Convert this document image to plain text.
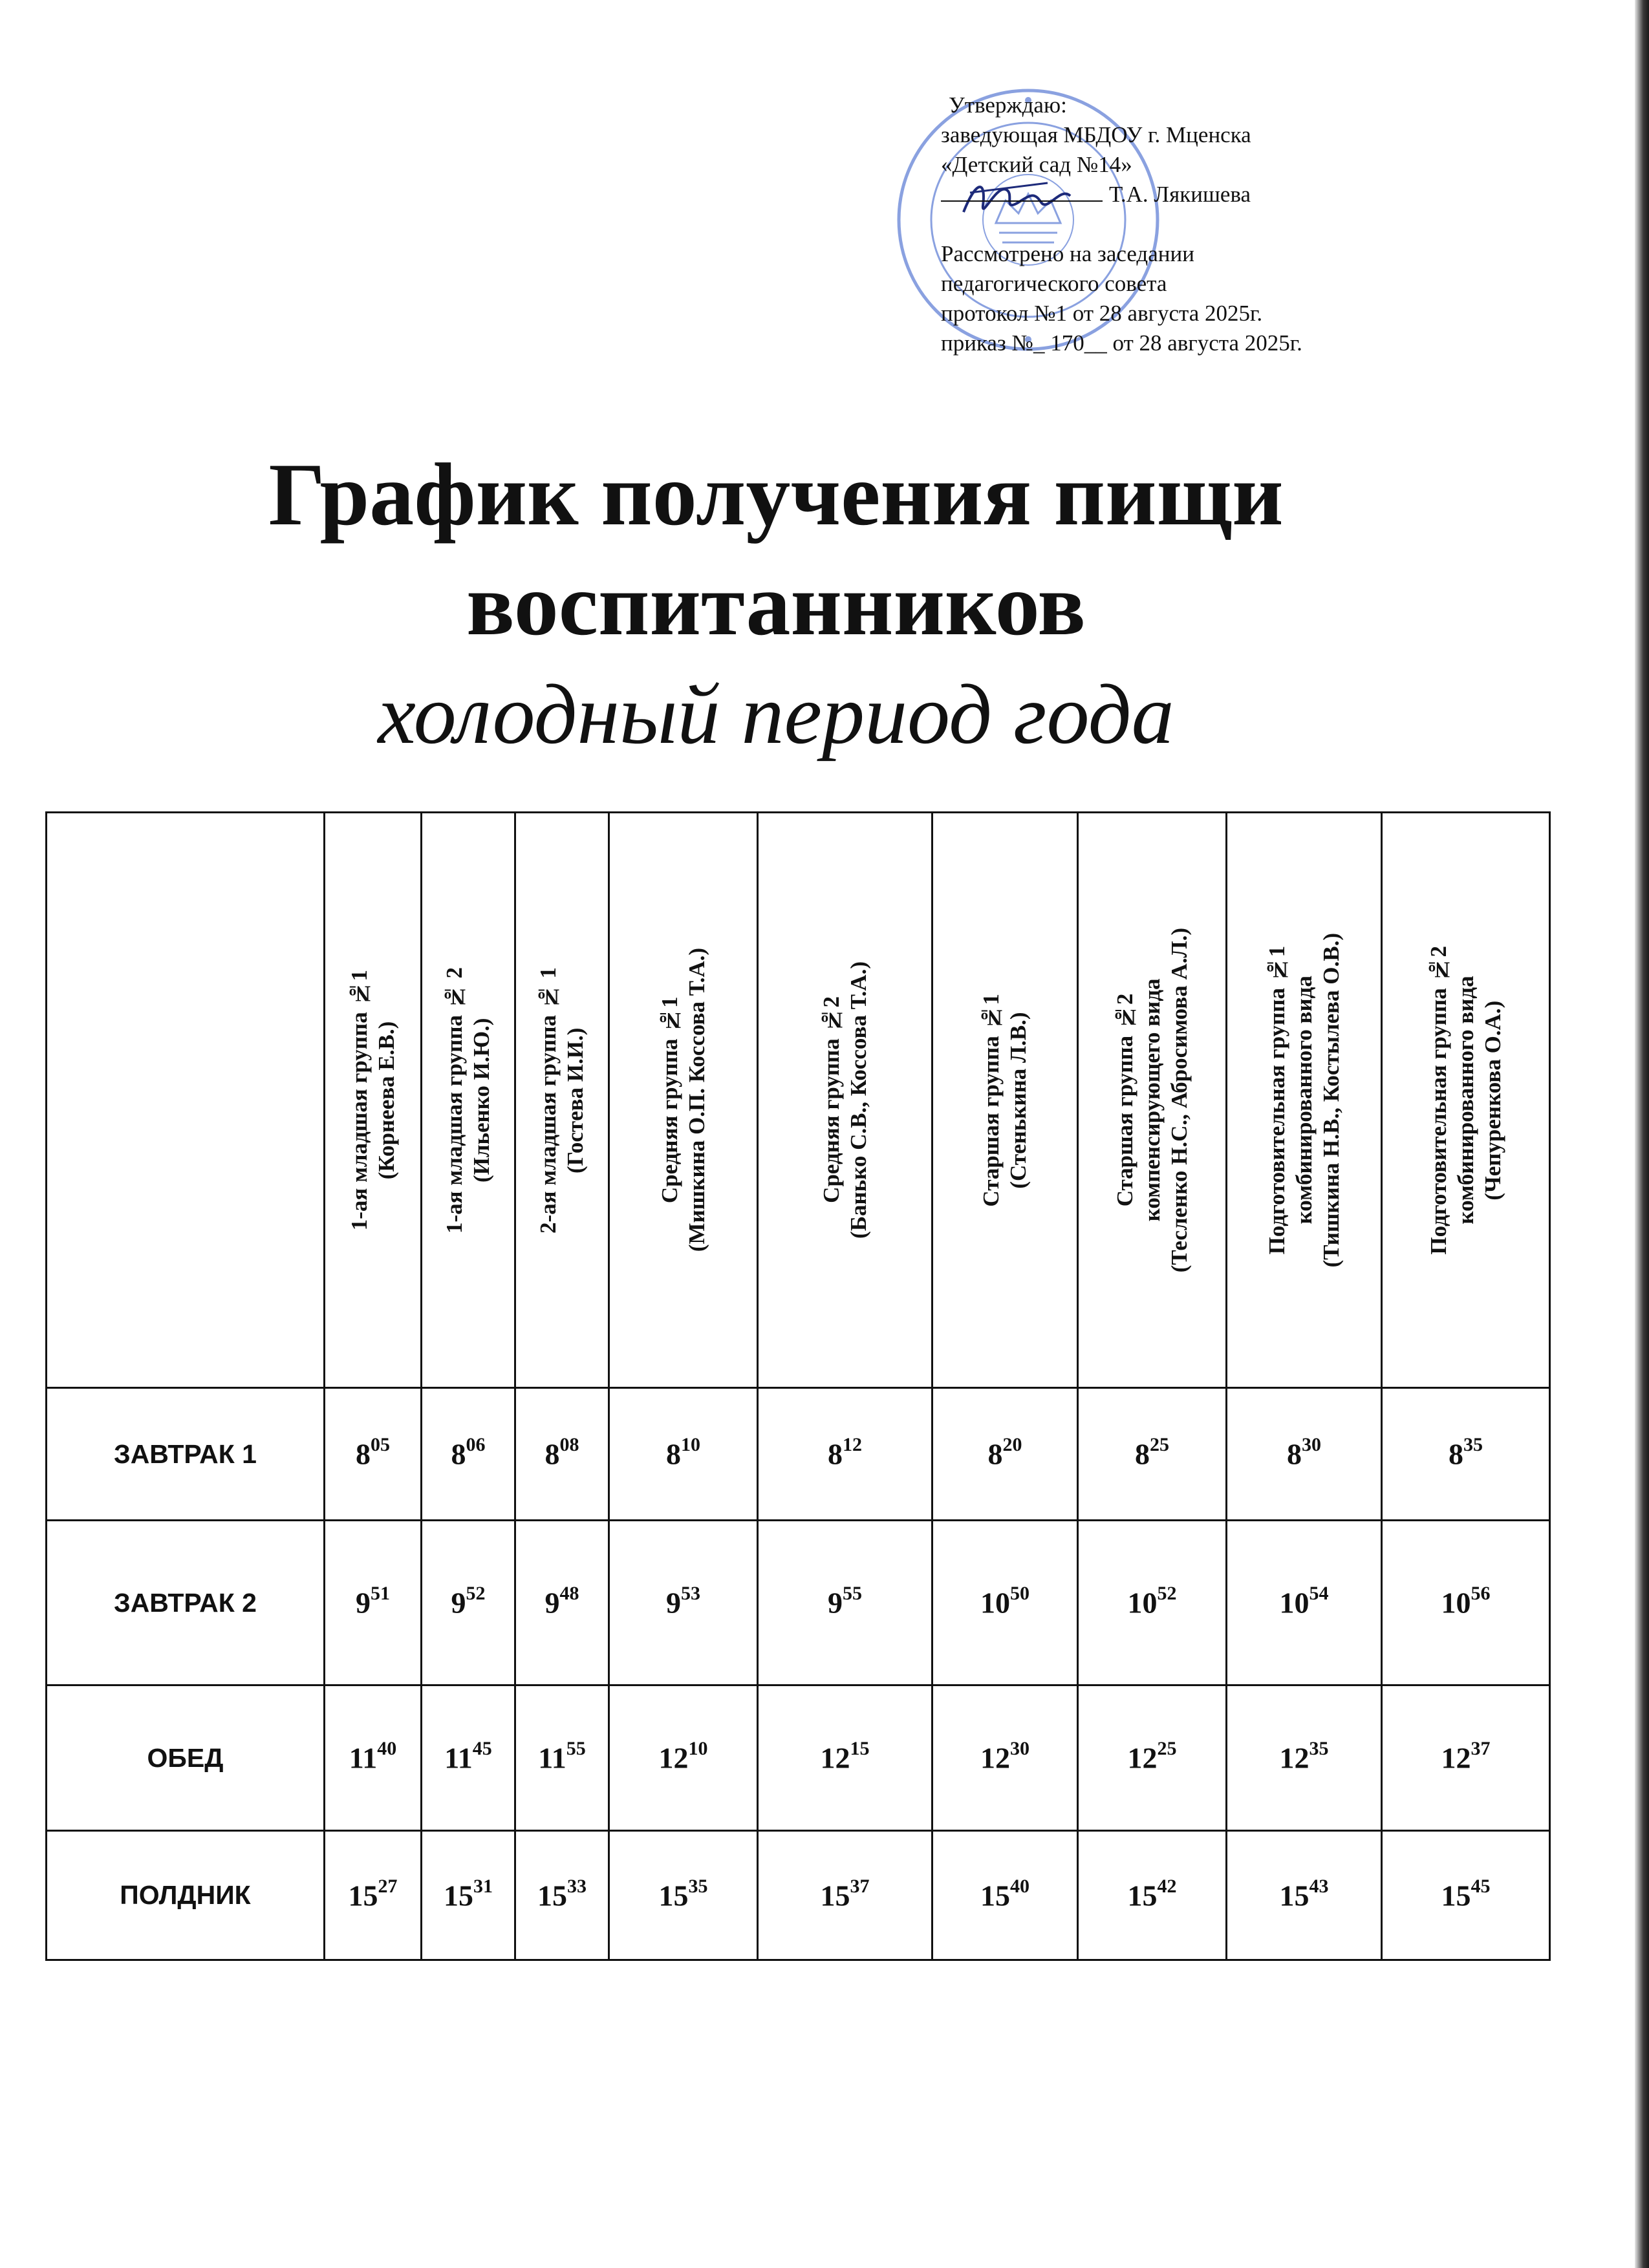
Утверждаю:
заведующая МБДОУ г. Мценска
«Детский сад №14»
Т.А. Лякишева
Рассмотрено на заседании
педагогического совета
протокол №1 от 28 августа 2025г.
приказ №_ 170__ от 28 августа 2025г.
График получения пищи
воспитанников
холодный период года

	1-ая младшая группа №1 (Корнеева Е.В.)	1-ая младшая группа № 2 (Ильенко И.Ю.)	2-ая младшая группа № 1 (Гостева И.И.)	Средняя группа №1 (Мишкина О.П. Коссова Т.А.)	Средняя группа №2 (Банько С.В., Коссова Т.А.)	Старшая группа №1 (Стенькина Л.В.)	Старшая группа №2 компенсирующего вида (Тесленко Н.С., Абросимова А.Л.)	Подготовительная группа №1 комбинированного вида (Тишкина Н.В., Костылева О.В.)	Подготовительная группа №2 комбинированного вида (Чепуренкова О.А.)

ЗАВТРАК 1	$8^{05}$	$8^{06}$	$8^{08}$	$8^{10}$	$8^{12}$	$8^{20}$	$8^{25}$	$8^{30}$	$8^{35}$
ЗАВТРАК 2	$9^{51}$	$9^{52}$	$9^{48}$	$9^{53}$	$9^{55}$	$10^{50}$	$10^{52}$	$10^{54}$	$10^{56}$
ОБЕД	$11^{40}$	$11^{45}$	$11^{55}$	$12^{10}$	$12^{15}$	$12^{30}$	$12^{25}$	$12^{35}$	$12^{37}$
ПОЛДНИК	$15^{27}$	$15^{31}$	$15^{33}$	$15^{35}$	$15^{37}$	$15^{40}$	$15^{42}$	$15^{43}$	$15^{45}$
